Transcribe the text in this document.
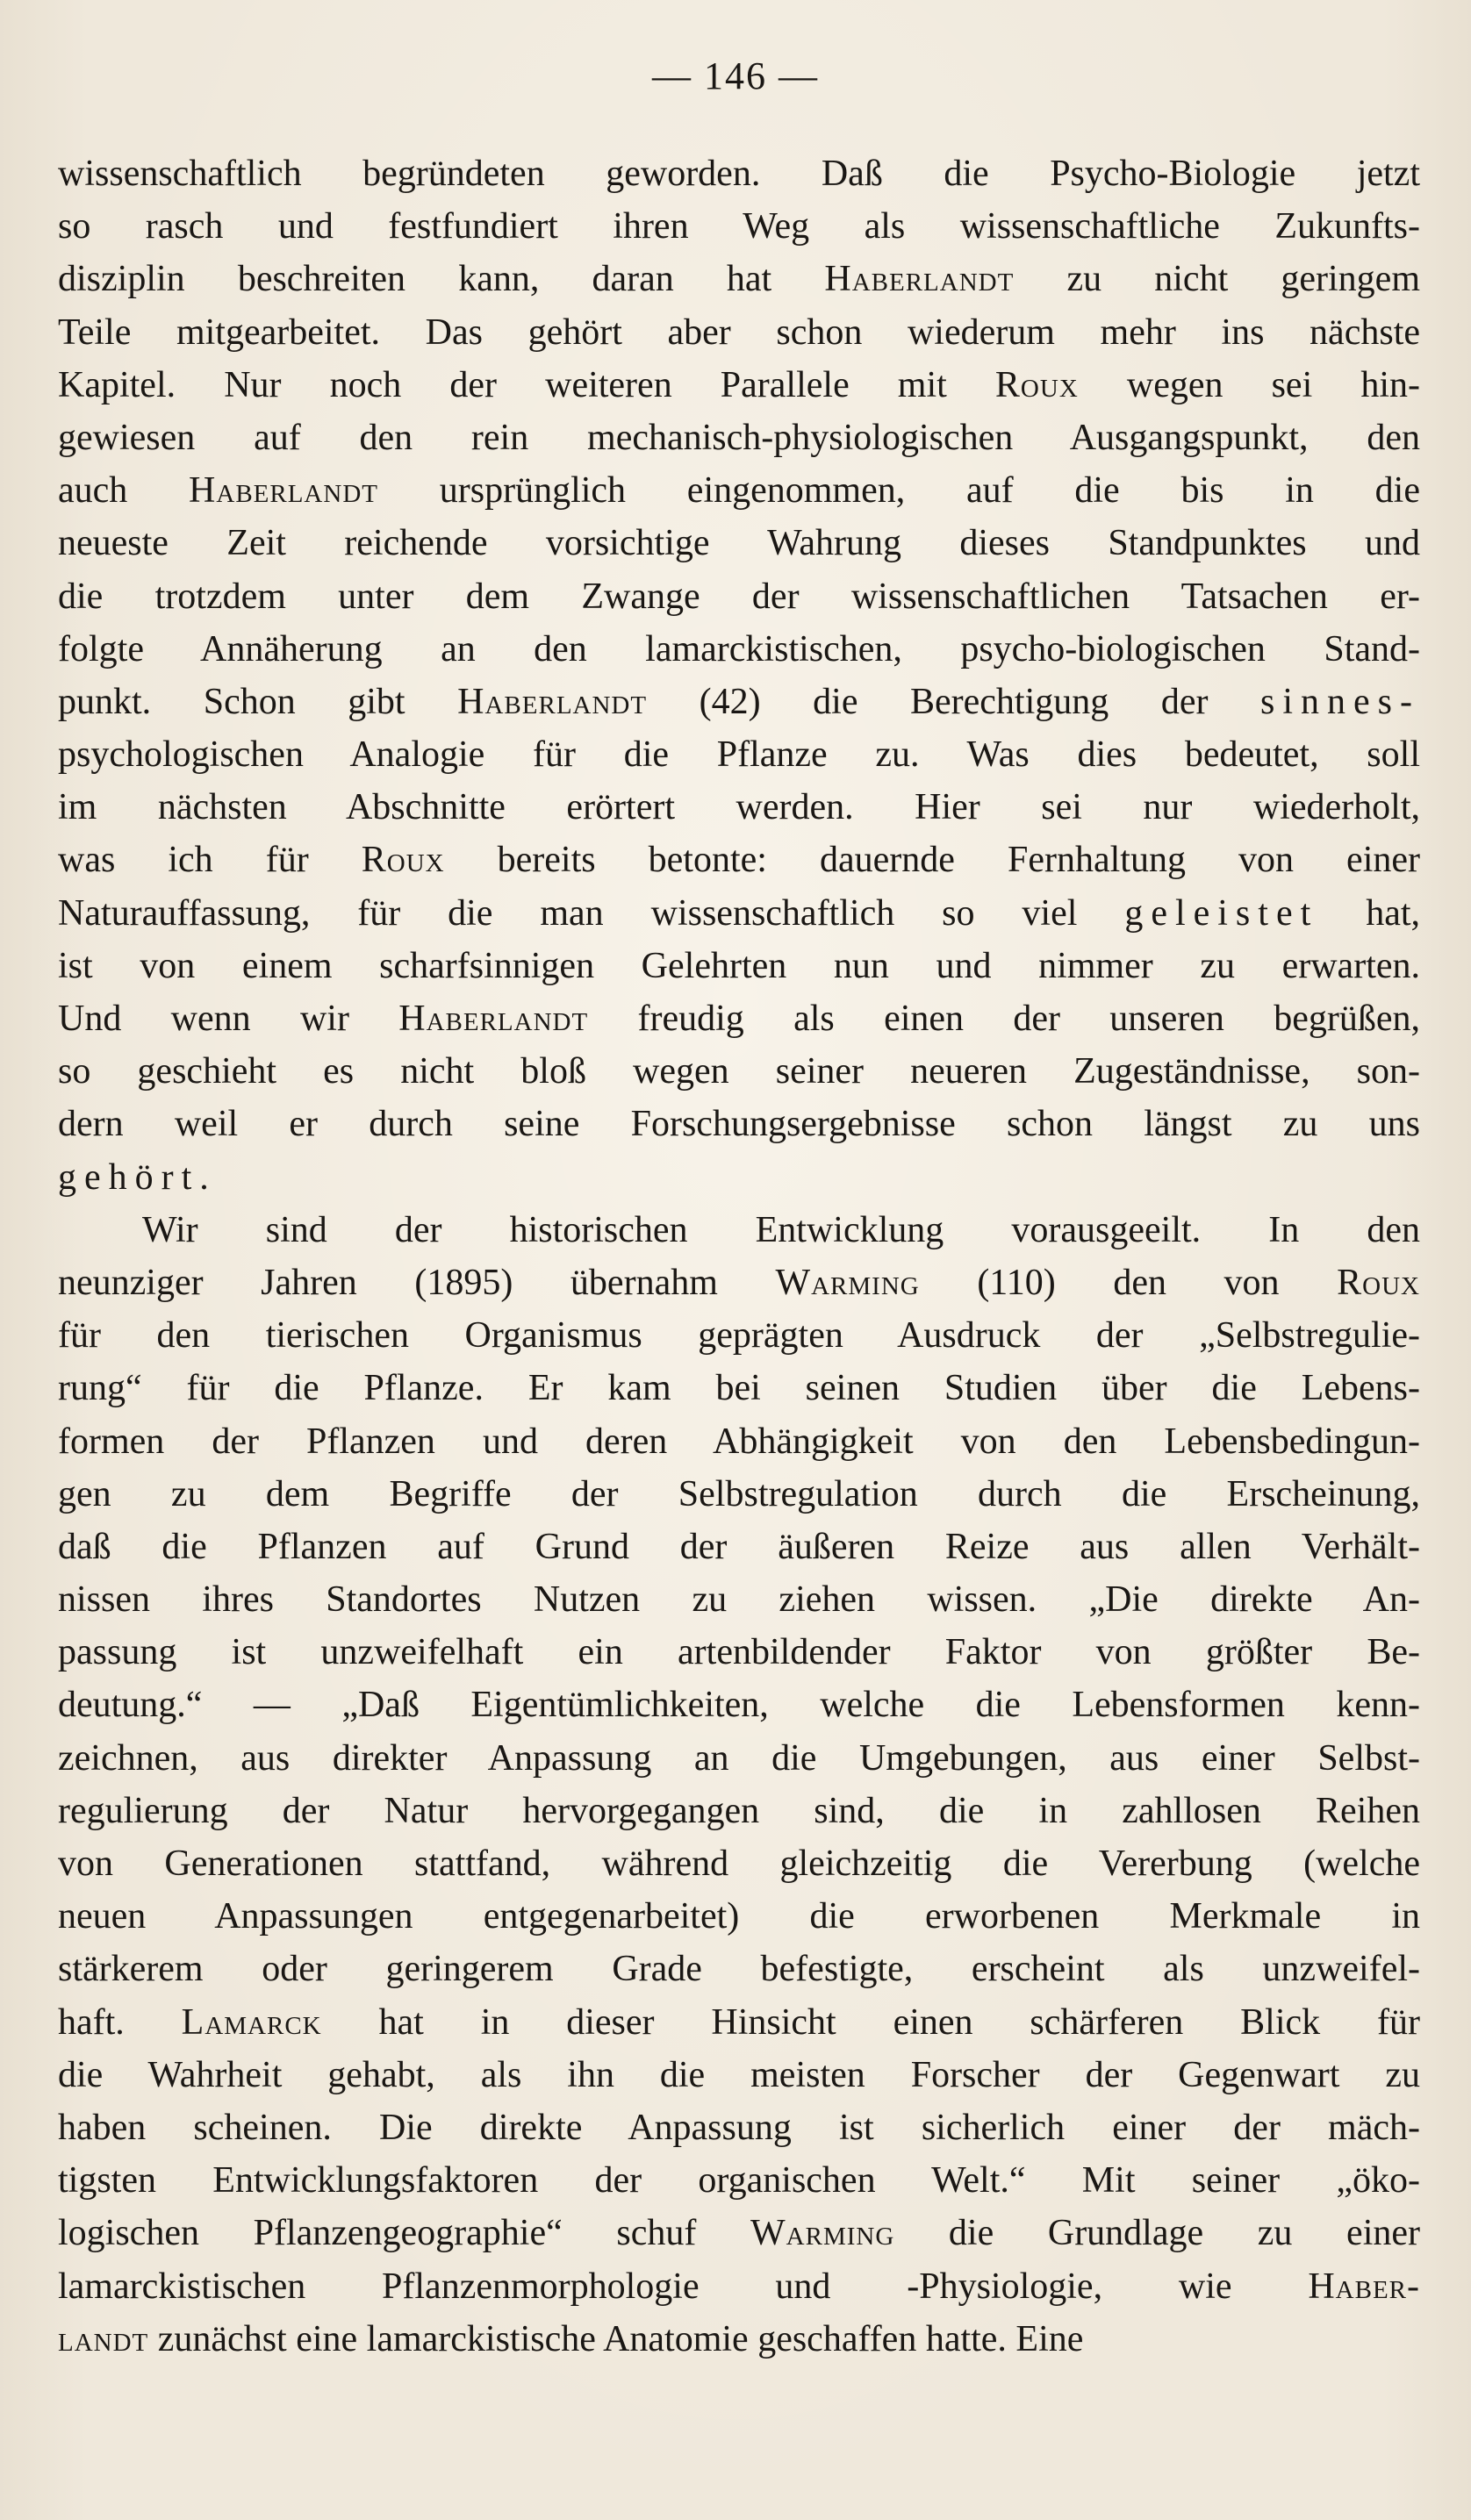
— 146 —
wissenschaftlich begründeten geworden. Daß die Psycho-Biologie jetzt
so rasch und festfundiert ihren Weg als wissenschaftliche Zukunfts-
disziplin beschreiten kann, daran hat Haberlandt zu nicht geringem
Teile mitgearbeitet. Das gehört aber schon wiederum mehr ins nächste
Kapitel. Nur noch der weiteren Parallele mit Roux wegen sei hin-
gewiesen auf den rein mechanisch-physiologischen Ausgangspunkt, den
auch Haberlandt ursprünglich eingenommen, auf die bis in die
neueste Zeit reichende vorsichtige Wahrung dieses Standpunktes und
die trotzdem unter dem Zwange der wissenschaftlichen Tatsachen er-
folgte Annäherung an den lamarckistischen, psycho-biologischen Stand-
punkt. Schon gibt Haberlandt (42) die Berechtigung der sinnes-
psychologischen Analogie für die Pflanze zu. Was dies bedeutet, soll
im nächsten Abschnitte erörtert werden. Hier sei nur wiederholt,
was ich für Roux bereits betonte: dauernde Fernhaltung von einer
Naturauffassung, für die man wissenschaftlich so viel geleistet hat,
ist von einem scharfsinnigen Gelehrten nun und nimmer zu erwarten.
Und wenn wir Haberlandt freudig als einen der unseren begrüßen,
so geschieht es nicht bloß wegen seiner neueren Zugeständnisse, son-
dern weil er durch seine Forschungsergebnisse schon längst zu uns
gehört.
Wir sind der historischen Entwicklung vorausgeeilt. In den
neunziger Jahren (1895) übernahm Warming (110) den von Roux
für den tierischen Organismus geprägten Ausdruck der „Selbstregulie-
rung“ für die Pflanze. Er kam bei seinen Studien über die Lebens-
formen der Pflanzen und deren Abhängigkeit von den Lebensbedingun-
gen zu dem Begriffe der Selbstregulation durch die Erscheinung,
daß die Pflanzen auf Grund der äußeren Reize aus allen Verhält-
nissen ihres Standortes Nutzen zu ziehen wissen. „Die direkte An-
passung ist unzweifelhaft ein artenbildender Faktor von größter Be-
deutung.“ — „Daß Eigentümlichkeiten, welche die Lebensformen kenn-
zeichnen, aus direkter Anpassung an die Umgebungen, aus einer Selbst-
regulierung der Natur hervorgegangen sind, die in zahllosen Reihen
von Generationen stattfand, während gleichzeitig die Vererbung (welche
neuen Anpassungen entgegenarbeitet) die erworbenen Merkmale in
stärkerem oder geringerem Grade befestigte, erscheint als unzweifel-
haft. Lamarck hat in dieser Hinsicht einen schärferen Blick für
die Wahrheit gehabt, als ihn die meisten Forscher der Gegenwart zu
haben scheinen. Die direkte Anpassung ist sicherlich einer der mäch-
tigsten Entwicklungsfaktoren der organischen Welt.“ Mit seiner „öko-
logischen Pflanzengeographie“ schuf Warming die Grundlage zu einer
lamarckistischen Pflanzenmorphologie und -Physiologie, wie Haber-
landt zunächst eine lamarckistische Anatomie geschaffen hatte. Eine
